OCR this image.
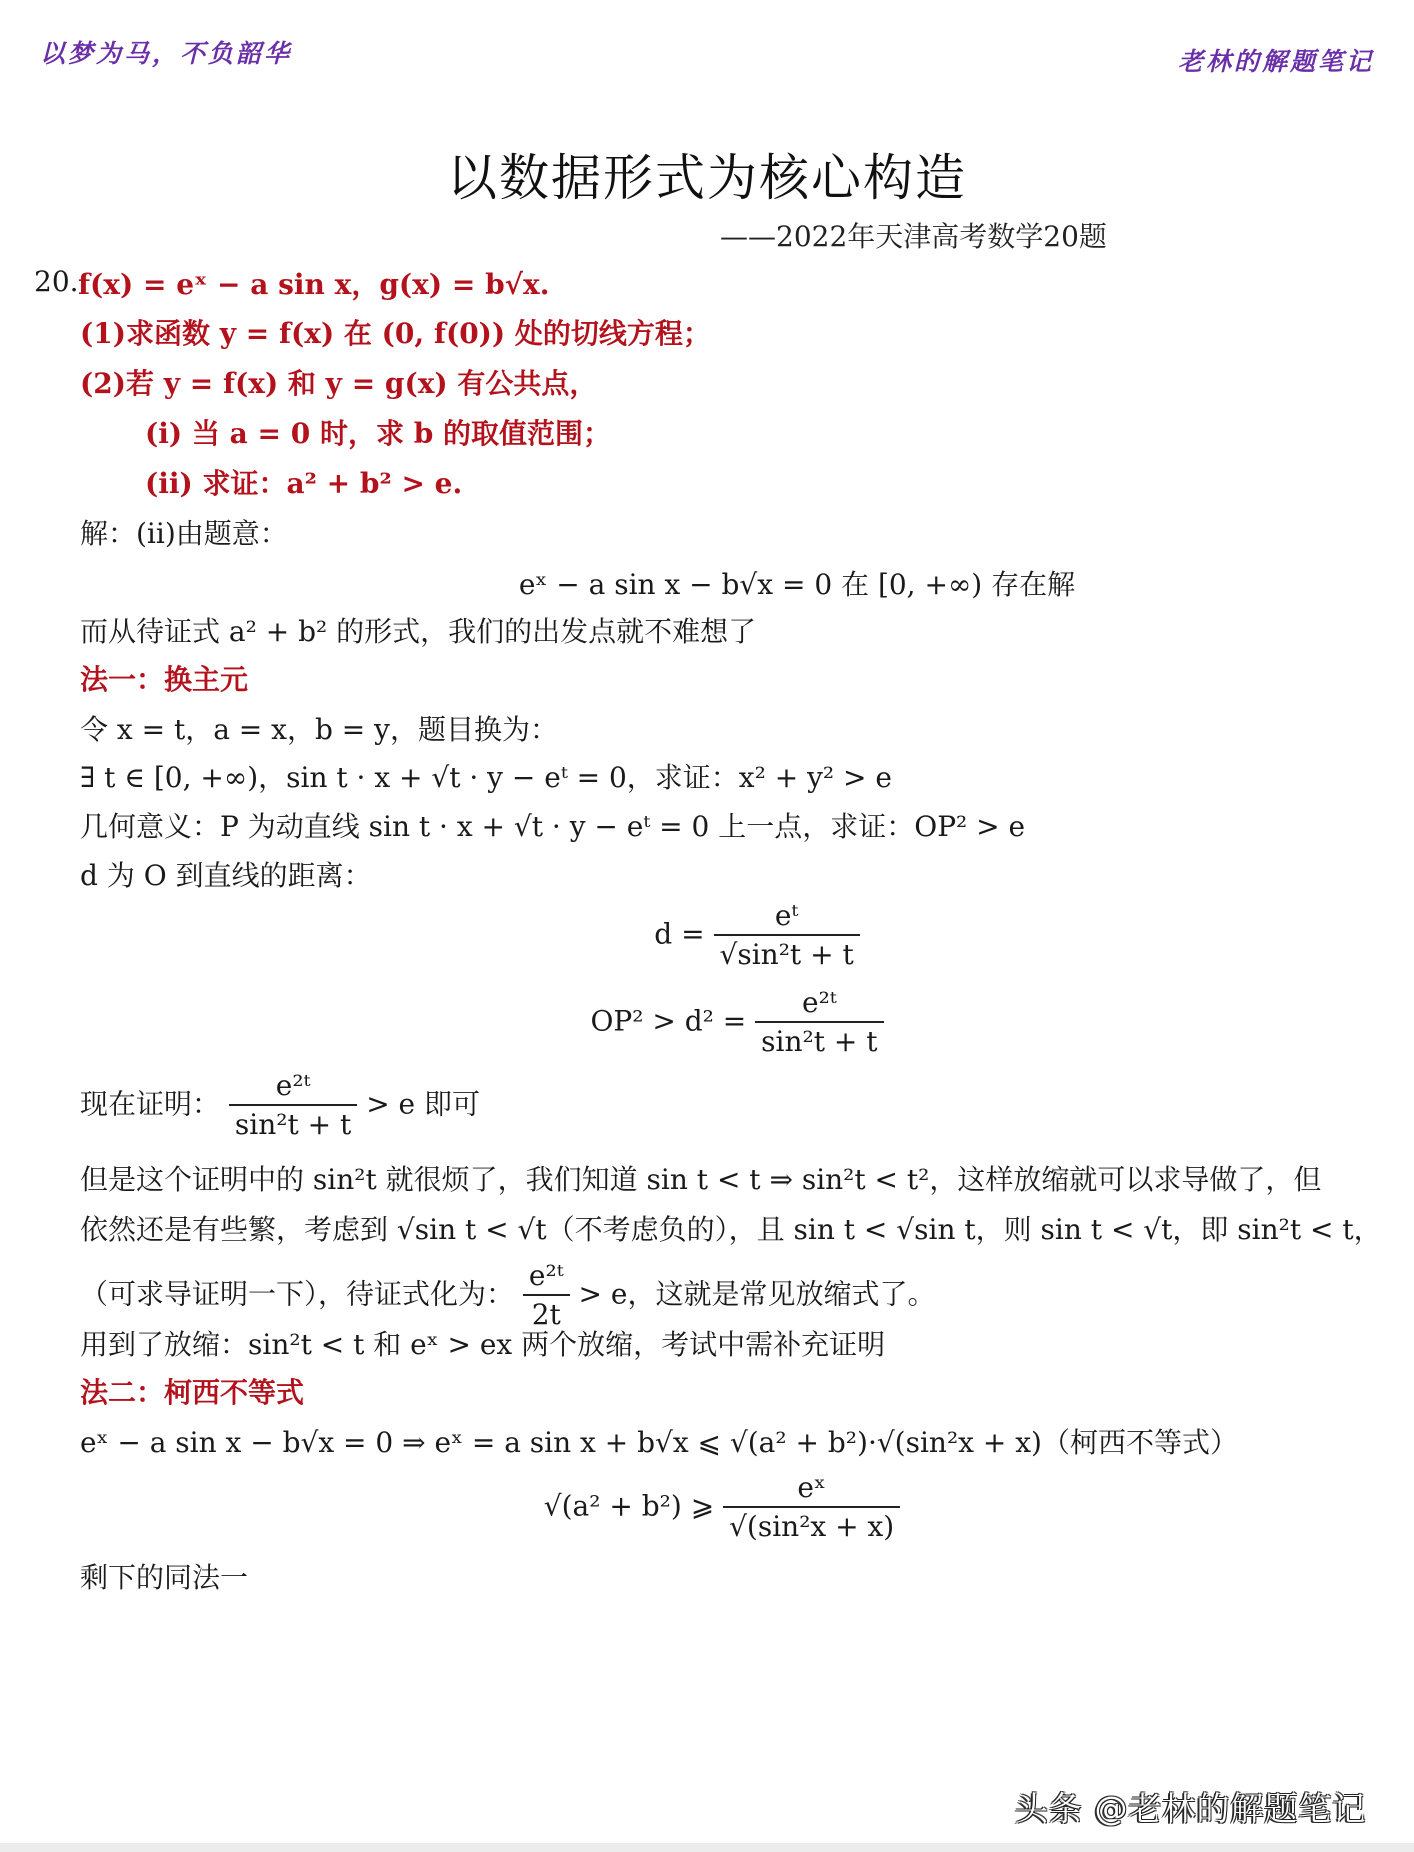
以梦为马，不负韶华	老林的解题笔记
以数据形式为核心构造
——2022年天津高考数学20题
20. f(x) = eˣ − a sin x，g(x) = b√x.
(1)求函数 y = f(x) 在 (0, f(0)) 处的切线方程；
(2)若 y = f(x) 和 y = g(x) 有公共点，
(i) 当 a = 0 时，求 b 的取值范围；
(ii) 求证：a² + b² > e.
解：(ii)由题意：
eˣ − a sin x − b√x = 0 在 [0, +∞) 存在解
而从待证式 a² + b² 的形式，我们的出发点就不难想了
法一：换主元
令 x = t，a = x，b = y，题目换为：
∃ t ∈ [0, +∞)，sin t · x + √t · y − eᵗ = 0，求证：x² + y² > e
几何意义：P 为动直线 sin t · x + √t · y − eᵗ = 0 上一点，求证：OP² > e
d 为 O 到直线的距离：
$d = \frac{\text{eᵗ}}{\text{√sin²t + t}}$
$OP^2 > d^2 = \frac{\text{e²ᵗ}}{\text{sin²t + t}}$
现在证明： $\frac{\text{e²ᵗ}}{\text{sin²t + t}} > e$ 即可
但是这个证明中的 sin²t 就很烦了，我们知道 sin t < t ⇒ sin²t < t²，这样放缩就可以求导做了，但
依然还是有些繁，考虑到 √sin t < √t（不考虑负的），且 sin t < √sin t，则 sin t < √t，即 sin²t < t，
（可求导证明一下），待证式化为： $\frac{\text{e²ᵗ}}{2t} > e$，这就是常见放缩式了。
用到了放缩：sin²t < t 和 eˣ > ex 两个放缩，考试中需补充证明
法二：柯西不等式
eˣ − a sin x − b√x = 0 ⇒ eˣ = a sin x + b√x ⩽ √(a² + b²)·√(sin²x + x)（柯西不等式）
√(a² + b²) ⩾ $\frac{\text{eˣ}}{\text{√(sin²x + x)}}$
剩下的同法一
头条 @老林的解题笔记
